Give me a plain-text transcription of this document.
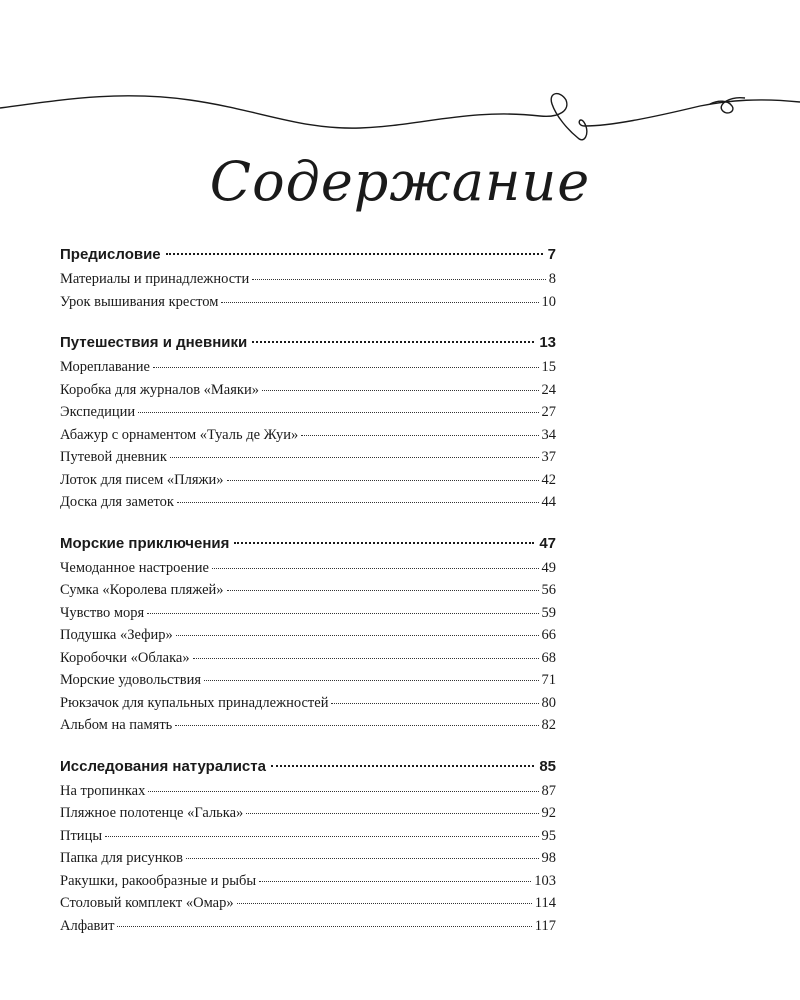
Содержание
Предисловие	7
Материалы и принадлежности	8
Урок вышивания крестом	10
Путешествия и дневники	13
Мореплавание	15
Коробка для журналов «Маяки»	24
Экспедиции	27
Абажур с орнаментом «Туаль де Жуи»	34
Путевой дневник	37
Лоток для писем «Пляжи»	42
Доска для заметок	44
Морские приключения	47
Чемоданное настроение	49
Сумка «Королева пляжей»	56
Чувство моря	59
Подушка «Зефир»	66
Коробочки «Облака»	68
Морские удовольствия	71
Рюкзачок для купальных принадлежностей	80
Альбом на память	82
Исследования натуралиста	85
На тропинках	87
Пляжное полотенце «Галька»	92
Птицы	95
Папка для рисунков	98
Ракушки, ракообразные и рыбы	103
Столовый комплект «Омар»	114
Алфавит	117
